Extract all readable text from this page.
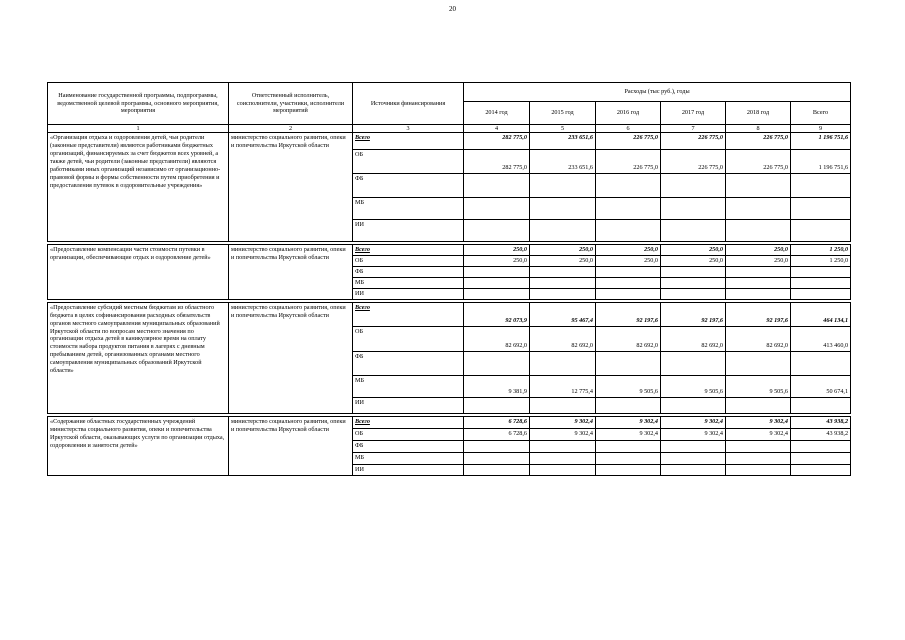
20
Наименование государственной программы, подпрограммы, ведомственной целевой программы, основного мероприятия, мероприятия	Ответственный исполнитель, соисполнители, участники, исполнители мероприятий	Источники финансирования	Расходы (тыс руб.), годы					
			2014 год	2015 год	2016 год	2017 год	2018 год	Всего
1	2	3	4	5	6	7	8	9
«Организация отдыха и оздоровления детей, чьи родители (законные представители) являются работниками бюджетных организаций, финансируемых за счет бюджетов всех уровней, а также детей, чьи родители (законные представители) являются работниками иных организаций независимо от организационно-правовой формы и формы собственности путем приобретения и предоставления путевок в оздоровительные учреждения»	министерство социального развития, опеки и попечительства Иркутской области	Всего	282 775,0	233 651,6	226 775,0	226 775,0	226 775,0	1 196 751,6
		ОБ	282 775,0	233 651,6	226 775,0	226 775,0	226 775,0	1 196 751,6
		ФБ						
		МБ						
		ИИ						

«Предоставление компенсации части стоимости путевки в организации, обеспечивающие отдых и оздоровление детей»	министерство социального развития, опеки и попечительства Иркутской области	Всего	250,0	250,0	250,0	250,0	250,0	1 250,0
		ОБ	250,0	250,0	250,0	250,0	250,0	1 250,0
		ФБ						
		МБ						
		ИИ						

«Предоставление субсидий местным бюджетам из областного бюджета в целях софинансирования расходных обязательств органов местного самоуправления муниципальных образований Иркутской области по вопросам местного значения по организации отдыха детей в каникулярное время на оплату стоимости набора продуктов питания в лагерях с дневным пребыванием детей, организованных органами местного самоуправления муниципальных образований Иркутской области»	министерство социального развития, опеки и попечительства Иркутской области	Всего	92 073,9	95 467,4	92 197,6	92 197,6	92 197,6	464 134,1
		ОБ	82 692,0	82 692,0	82 692,0	82 692,0	82 692,0	413 460,0
		ФБ						
		МБ	9 381,9	12 775,4	9 505,6	9 505,6	9 505,6	50 674,1
		ИИ						

«Содержание областных государственных учреждений министерства социального развития, опеки и попечительства Иркутской области, оказывающих услуги по организации отдыха, оздоровления и занятости детей»	министерство социального развития, опеки и попечительства Иркутской области	Всего	6 728,6	9 302,4	9 302,4	9 302,4	9 302,4	43 938,2
		ОБ	6 728,6	9 302,4	9 302,4	9 302,4	9 302,4	43 938,2
		ФБ						
		МБ						
		ИИ						
